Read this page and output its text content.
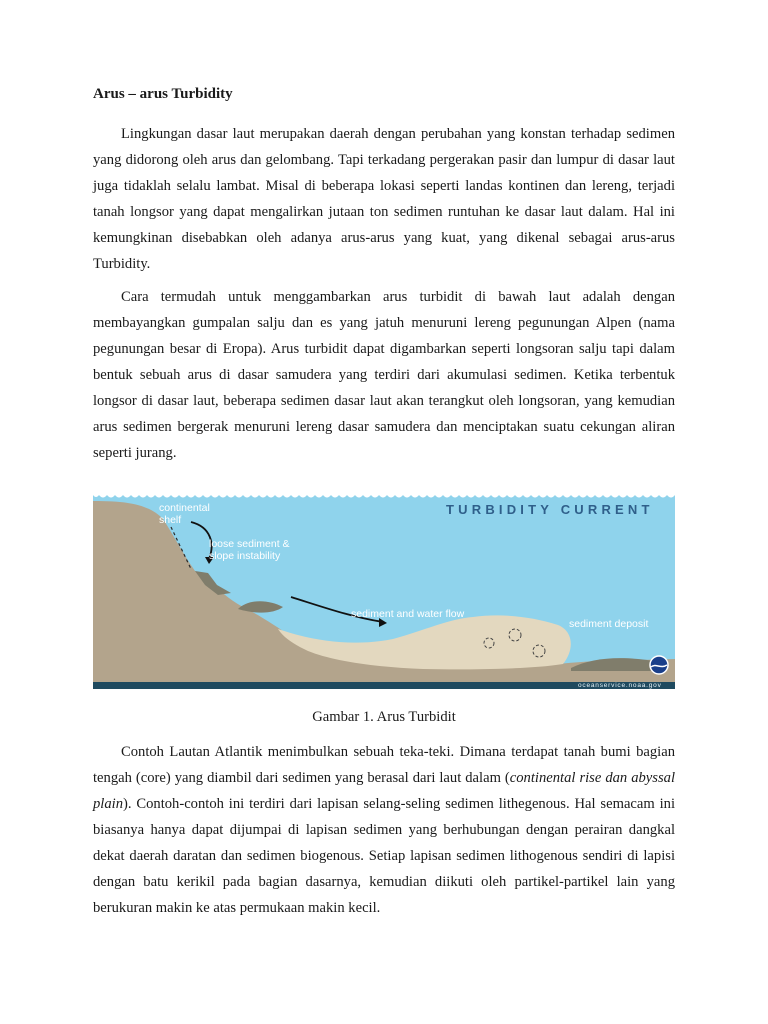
Arus – arus Turbidity

Lingkungan dasar laut merupakan daerah dengan perubahan yang konstan terhadap sedimen yang didorong oleh arus dan gelombang. Tapi terkadang pergerakan pasir dan lumpur di dasar laut juga tidaklah selalu lambat. Misal di beberapa lokasi seperti landas kontinen dan lereng, terjadi tanah longsor yang dapat mengalirkan jutaan ton sedimen runtuhan ke dasar laut dalam. Hal ini kemungkinan disebabkan oleh adanya arus-arus yang kuat, yang dikenal sebagai arus-arus Turbidity.

Cara termudah untuk menggambarkan arus turbidit di bawah laut adalah dengan membayangkan gumpalan salju dan es yang jatuh menuruni lereng pegunungan Alpen (nama pegunungan besar di Eropa). Arus turbidit dapat digambarkan seperti longsoran salju tapi dalam bentuk sebuah arus di dasar samudera yang terdiri dari akumulasi sedimen. Ketika terbentuk longsor di dasar laut, beberapa sedimen dasar laut akan terangkut oleh longsoran, yang kemudian arus sedimen bergerak menuruni lereng dasar samudera dan menciptakan suatu cekungan aliran seperti jurang.

TURBIDITY CURRENT
continental
shelf
loose sediment &
slope instability
sediment and water flow
sediment deposit
oceanservice.noaa.gov
Gambar 1. Arus Turbidit

Contoh Lautan Atlantik menimbulkan sebuah teka-teki. Dimana terdapat tanah bumi bagian tengah (core) yang diambil dari sedimen yang berasal dari laut dalam (continental rise dan abyssal plain). Contoh-contoh ini terdiri dari lapisan selang-seling sedimen lithegenous. Hal semacam ini biasanya hanya dapat dijumpai di lapisan sedimen yang berhubungan dengan perairan dangkal dekat daerah daratan dan sedimen biogenous. Setiap lapisan sedimen lithogenous sendiri di lapisi dengan batu kerikil pada bagian dasarnya, kemudian diikuti oleh partikel-partikel lain yang berukuran makin ke atas permukaan makin kecil.
